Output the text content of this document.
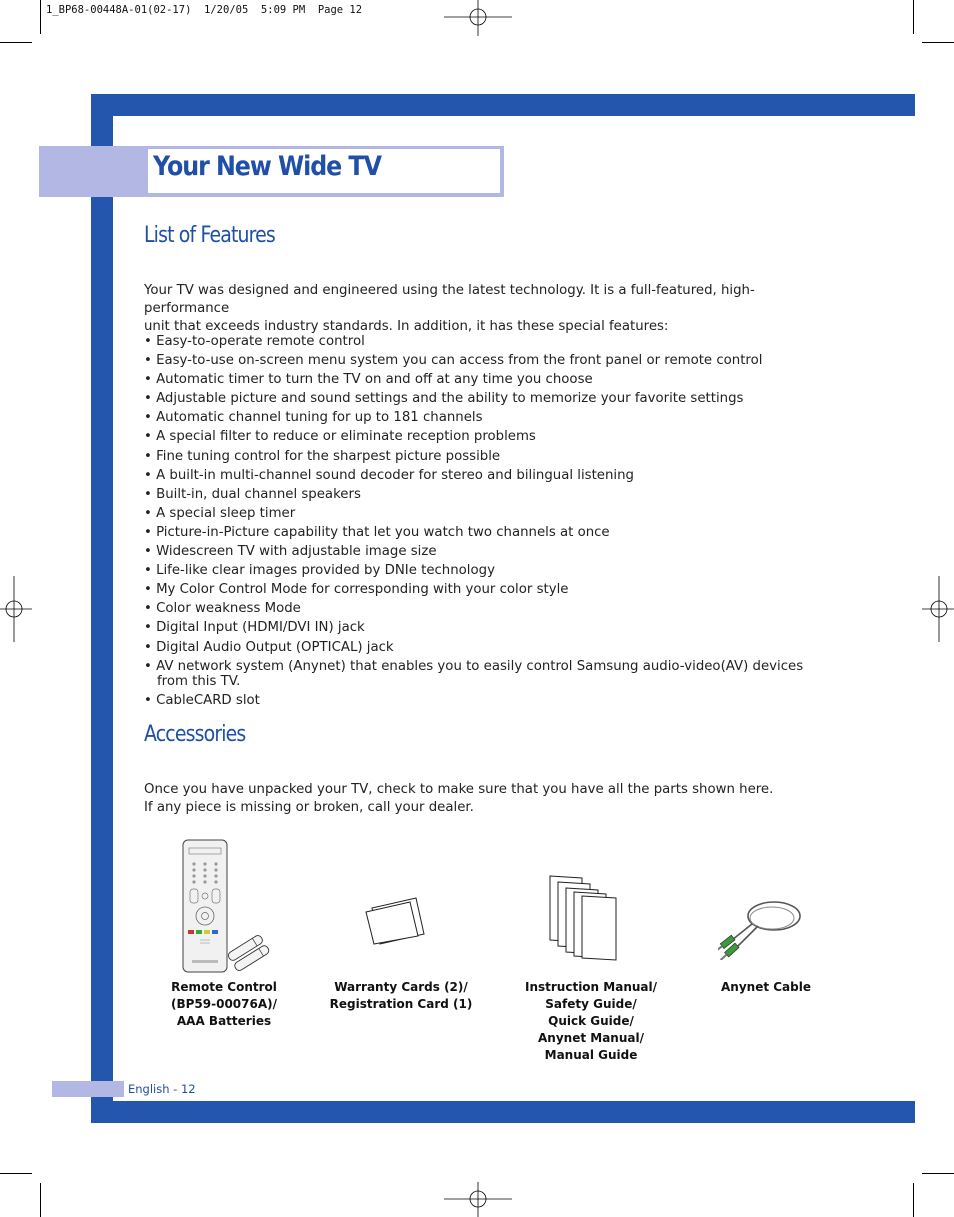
1_BP68-00448A-01(02-17)  1/20/05  5:09 PM  Page 12
Your New Wide TV
List of Features
Your TV was designed and engineered using the latest technology. It is a full-featured, high-performance
unit that exceeds industry standards. In addition, it has these special features:
• Easy-to-operate remote control
• Easy-to-use on-screen menu system you can access from the front panel or remote control
• Automatic timer to turn the TV on and off at any time you choose
• Adjustable picture and sound settings and the ability to memorize your favorite settings
• Automatic channel tuning for up to 181 channels
• A special filter to reduce or eliminate reception problems
• Fine tuning control for the sharpest picture possible
• A built-in multi-channel sound decoder for stereo and bilingual listening
• Built-in, dual channel speakers
• A special sleep timer
• Picture-in-Picture capability that let you watch two channels at once
• Widescreen TV with adjustable image size
• Life-like clear images provided by DNIe technology
• My Color Control Mode for corresponding with your color style
• Color weakness Mode
• Digital Input (HDMI/DVI IN) jack
• Digital Audio Output (OPTICAL) jack
• AV network system (Anynet) that enables you to easily control Samsung audio-video(AV) devices from this TV.
• CableCARD slot
Accessories
Once you have unpacked your TV, check to make sure that you have all the parts shown here.
If any piece is missing or broken, call your dealer.
Remote Control
(BP59-00076A)/
AAA Batteries
Warranty Cards (2)/
Registration Card (1)
Instruction Manual/
Safety Guide/
Quick Guide/
Anynet Manual/
Manual Guide
Anynet Cable
English - 12
